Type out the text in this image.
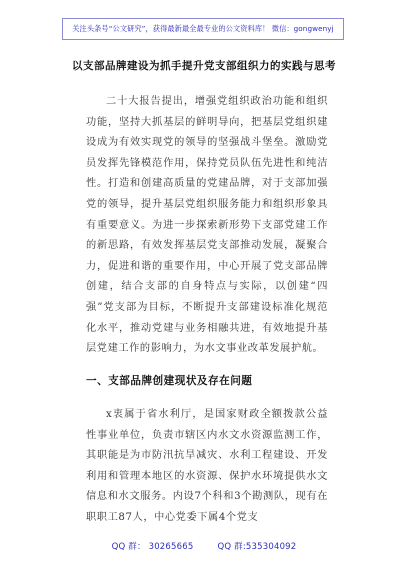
关注头条号“公文研究”，获得最新最全最专业的公文资料库！ 微信：gongwenyj
以支部品牌建设为抓手提升党支部组织力的实践与思考

二十大报告提出，增强党组织政治功能和组织功能，坚持大抓基层的鲜明导向，把基层党组织建设成为有效实现党的领导的坚强战斗堡垒。激励党员发挥先锋模范作用，保持党员队伍先进性和纯洁性。打造和创建高质量的党建品牌，对于支部加强党的领导，提升基层党组织服务能力和组织形象具有重要意义。为进一步探索新形势下支部党建工作的新思路，有效发挥基层党支部推动发展，凝聚合力，促进和谐的重要作用，中心开展了党支部品牌创建，结合支部的自身特点与实际，以创建“四强”党支部为目标，不断提升支部建设标准化规范化水平，推动党建与业务相融共进，有效地提升基层党建工作的影响力，为水文事业改革发展护航。

一、支部品牌创建现状及存在问题

x衷属于省水利厅，是国家财政全额拨款公益性事业单位，负责市辖区内水文水资源监测工作，其职能是为市防汛抗旱减灾、水利工程建设、开发利用和管理本地区的水资源、保护水环境提供水文信息和水文服务。内设7个科和3个勘测队，现有在职职工87人，中心党委下属4个党支

QQ 群： 30265665	QQ 群:535304092
